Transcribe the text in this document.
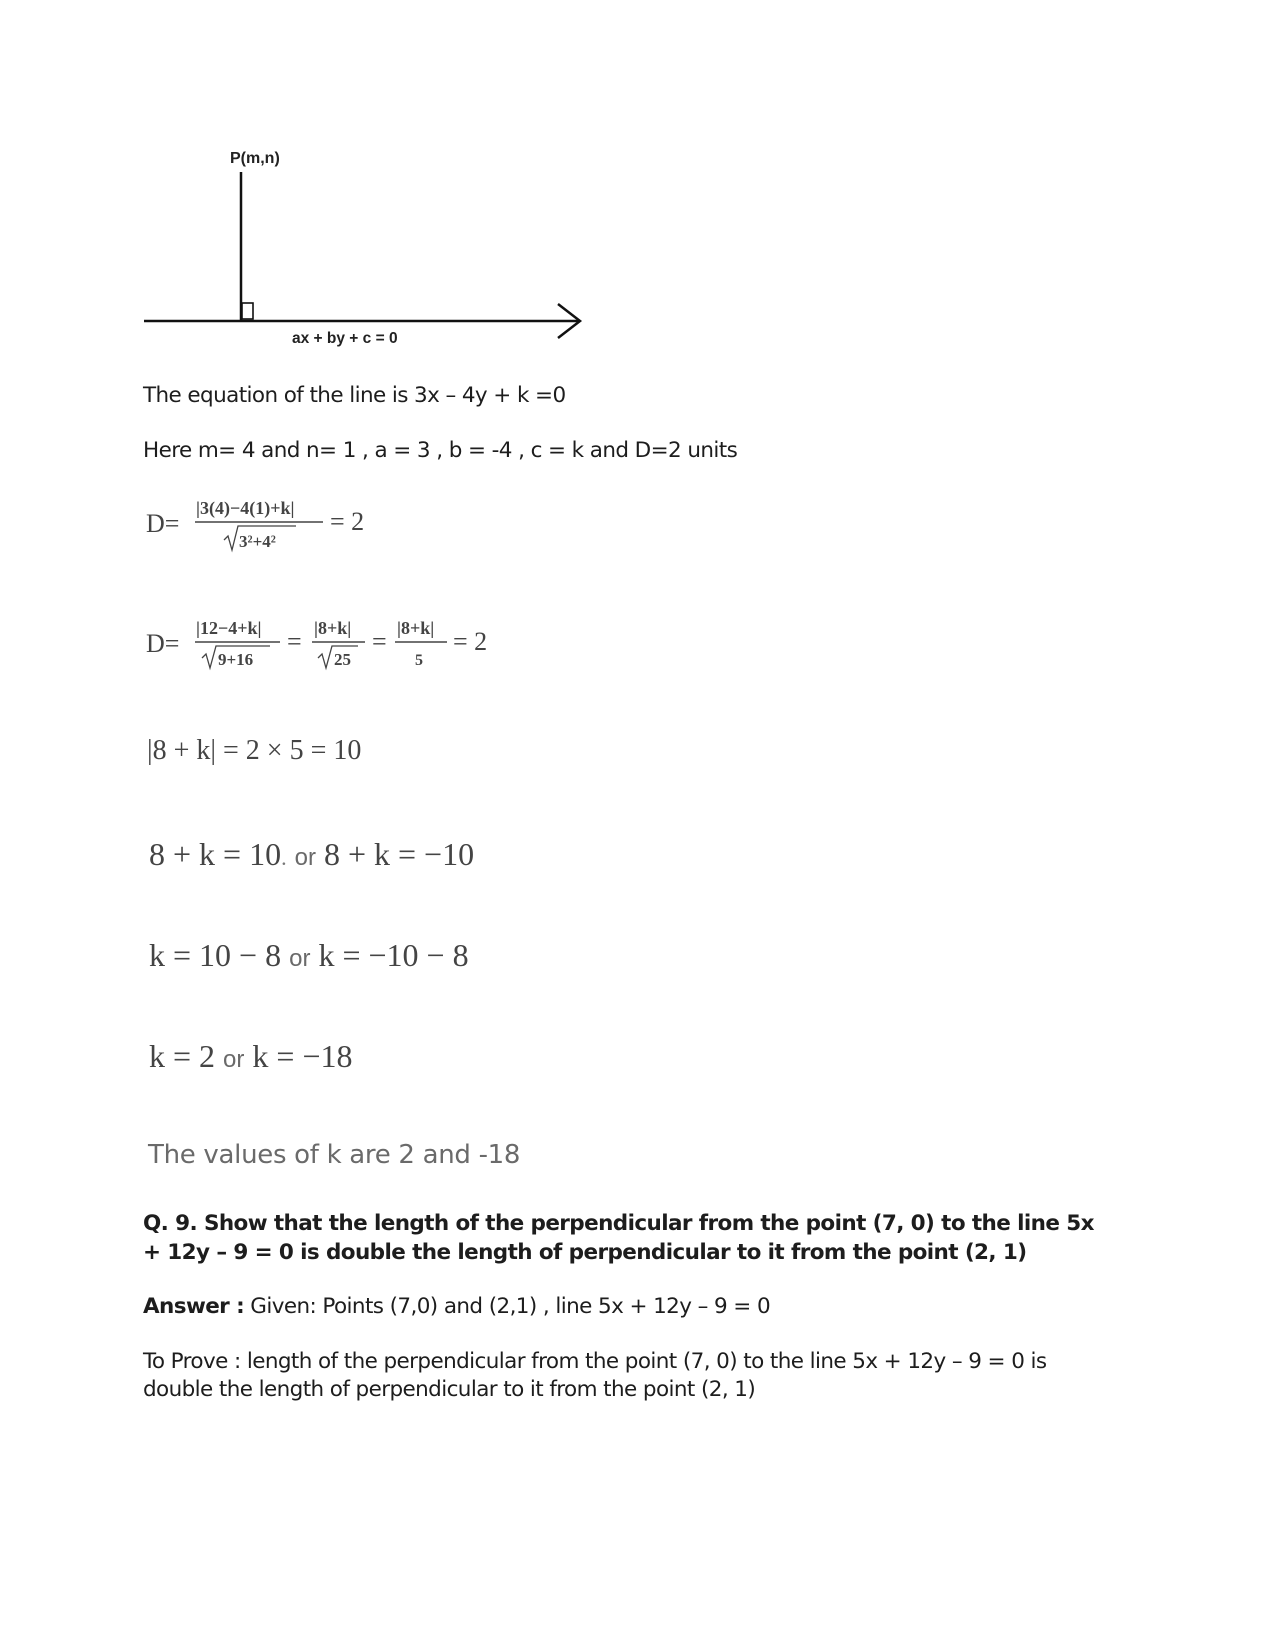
P(m,n)
ax + by + c = 0
The equation of the line is 3x – 4y + k =0
Here m= 4 and n= 1 , a = 3 , b = -4 , c = k and D=2 units
D=
|3(4)−4(1)+k|
3²+4²
= 2
D=
|12−4+k|
9+16
= |8+k|
25
= |8+k|
5
= 2
|8 + k| = 2 × 5 = 10
8 + k = 10. or 8 + k = −10
k = 10 − 8 or k = −10 − 8
k = 2 or k = −18
The values of k are 2 and -18
Q. 9. Show that the length of the perpendicular from the point (7, 0) to the line 5x
+ 12y – 9 = 0 is double the length of perpendicular to it from the point (2, 1)
Answer : Given: Points (7,0) and (2,1) , line 5x + 12y – 9 = 0
To Prove : length of the perpendicular from the point (7, 0) to the line 5x + 12y – 9 = 0 is
double the length of perpendicular to it from the point (2, 1)
